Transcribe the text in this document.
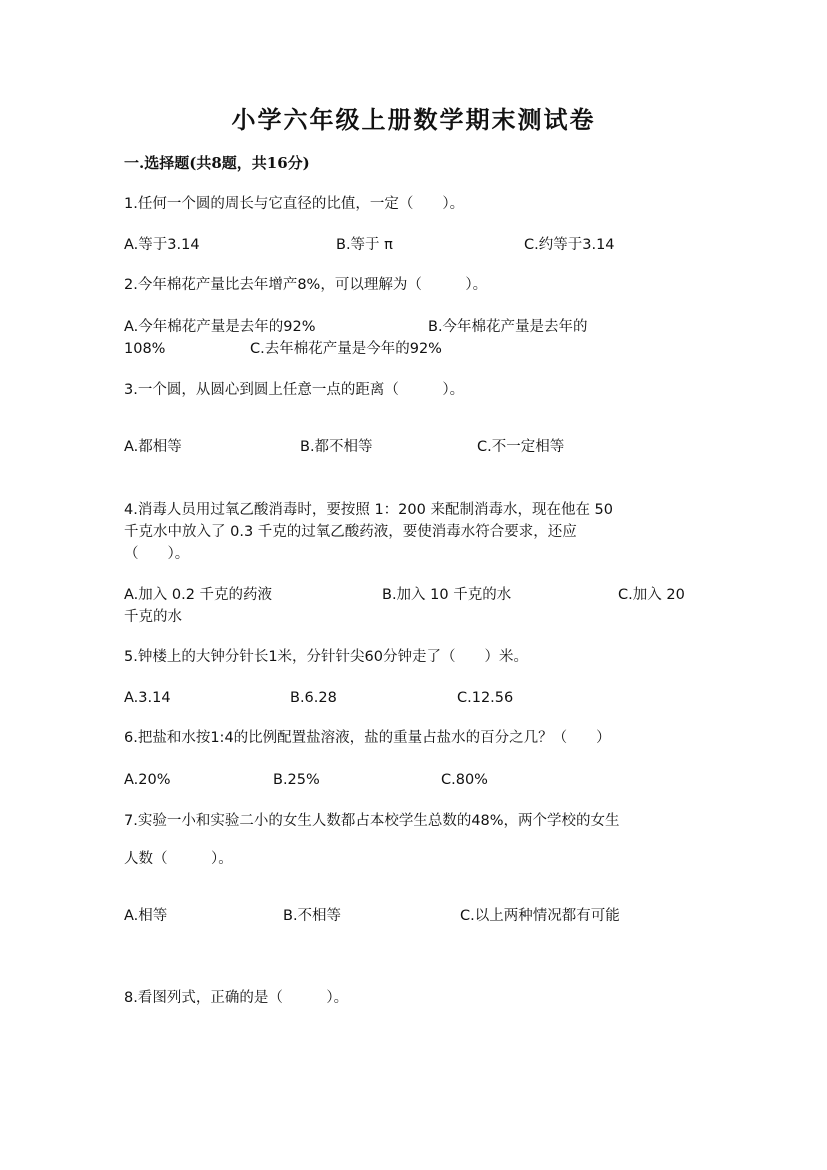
小学六年级上册数学期末测试卷
一.选择题(共8题，共16分)
1.任何一个圆的周长与它直径的比值，一定（　　）。
A.等于3.14	B.等于 π	C.约等于3.14
2.今年棉花产量比去年增产8%，可以理解为（　　　）。
A.今年棉花产量是去年的92%	B.今年棉花产量是去年的
108%	C.去年棉花产量是今年的92%
3.一个圆，从圆心到圆上任意一点的距离（　　　）。
A.都相等	B.都不相等	C.不一定相等
4.消毒人员用过氧乙酸消毒时，要按照 1：200 来配制消毒水，现在他在 50
千克水中放入了 0.3 千克的过氧乙酸药液，要使消毒水符合要求，还应
（　　）。
A.加入 0.2 千克的药液	B.加入 10 千克的水	C.加入 20
千克的水
5.钟楼上的大钟分针长1米，分针针尖60分钟走了（　　）米。
A.3.14	B.6.28	C.12.56
6.把盐和水按1:4的比例配置盐溶液，盐的重量占盐水的百分之几？（　　）
A.20%	B.25%	C.80%
7.实验一小和实验二小的女生人数都占本校学生总数的48%，两个学校的女生
人数（　　　）。
A.相等	B.不相等	C.以上两种情况都有可能
8.看图列式，正确的是（　　　）。
